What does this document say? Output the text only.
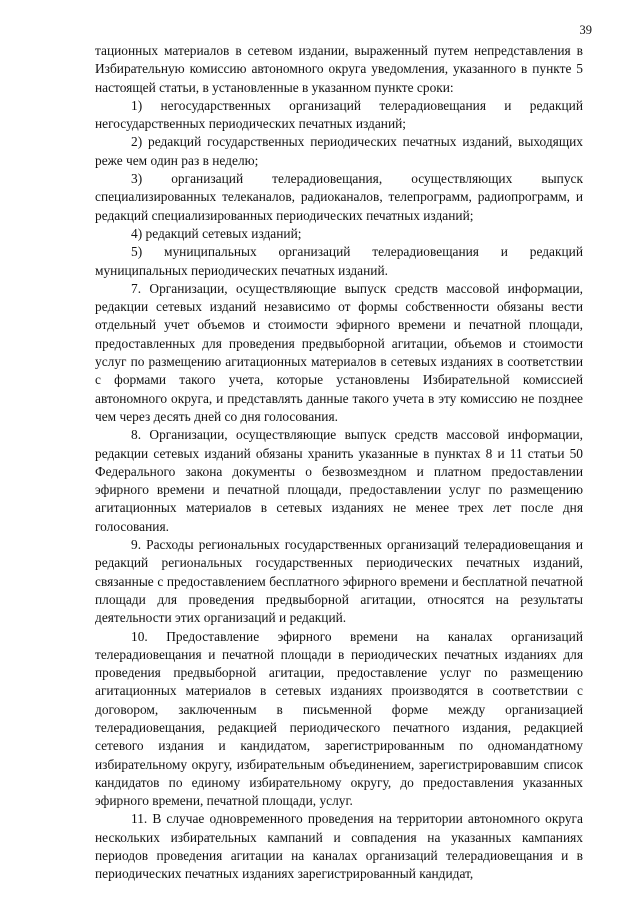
39

тационных материалов в сетевом издании, выраженный путем непредставления в Избирательную комиссию автономного округа уведомления, указанного в пункте 5 настоящей статьи, в установленные в указанном пункте сроки:

1) негосударственных организаций телерадиовещания и редакций негосударственных периодических печатных изданий;

2) редакций государственных периодических печатных изданий, выходящих реже чем один раз в неделю;

3) организаций телерадиовещания, осуществляющих выпуск специализированных телеканалов, радиоканалов, телепрограмм, радиопрограмм, и редакций специализированных периодических печатных изданий;

4) редакций сетевых изданий;

5) муниципальных организаций телерадиовещания и редакций муниципальных периодических печатных изданий.

7. Организации, осуществляющие выпуск средств массовой информации, редакции сетевых изданий независимо от формы собственности обязаны вести отдельный учет объемов и стоимости эфирного времени и печатной площади, предоставленных для проведения предвыборной агитации, объемов и стоимости услуг по размещению агитационных материалов в сетевых изданиях в соответствии с формами такого учета, которые установлены Избирательной комиссией автономного округа, и представлять данные такого учета в эту комиссию не позднее чем через десять дней со дня голосования.

8. Организации, осуществляющие выпуск средств массовой информации, редакции сетевых изданий обязаны хранить указанные в пунктах 8 и 11 статьи 50 Федерального закона документы о безвозмездном и платном предоставлении эфирного времени и печатной площади, предоставлении услуг по размещению агитационных материалов в сетевых изданиях не менее трех лет после дня голосования.

9. Расходы региональных государственных организаций телерадиовещания и редакций региональных государственных периодических печатных изданий, связанные с предоставлением бесплатного эфирного времени и бесплатной печатной площади для проведения предвыборной агитации, относятся на результаты деятельности этих организаций и редакций.

10. Предоставление эфирного времени на каналах организаций телерадиовещания и печатной площади в периодических печатных изданиях для проведения предвыборной агитации, предоставление услуг по размещению агитационных материалов в сетевых изданиях производятся в соответствии с договором, заключенным в письменной форме между организацией телерадиовещания, редакцией периодического печатного издания, редакцией сетевого издания и кандидатом, зарегистрированным по одномандатному избирательному округу, избирательным объединением, зарегистрировавшим список кандидатов по единому избирательному округу, до предоставления указанных эфирного времени, печатной площади, услуг.

11. В случае одновременного проведения на территории автономного округа нескольких избирательных кампаний и совпадения на указанных кампаниях периодов проведения агитации на каналах организаций телерадиовещания и в периодических печатных изданиях зарегистрированный кандидат,
